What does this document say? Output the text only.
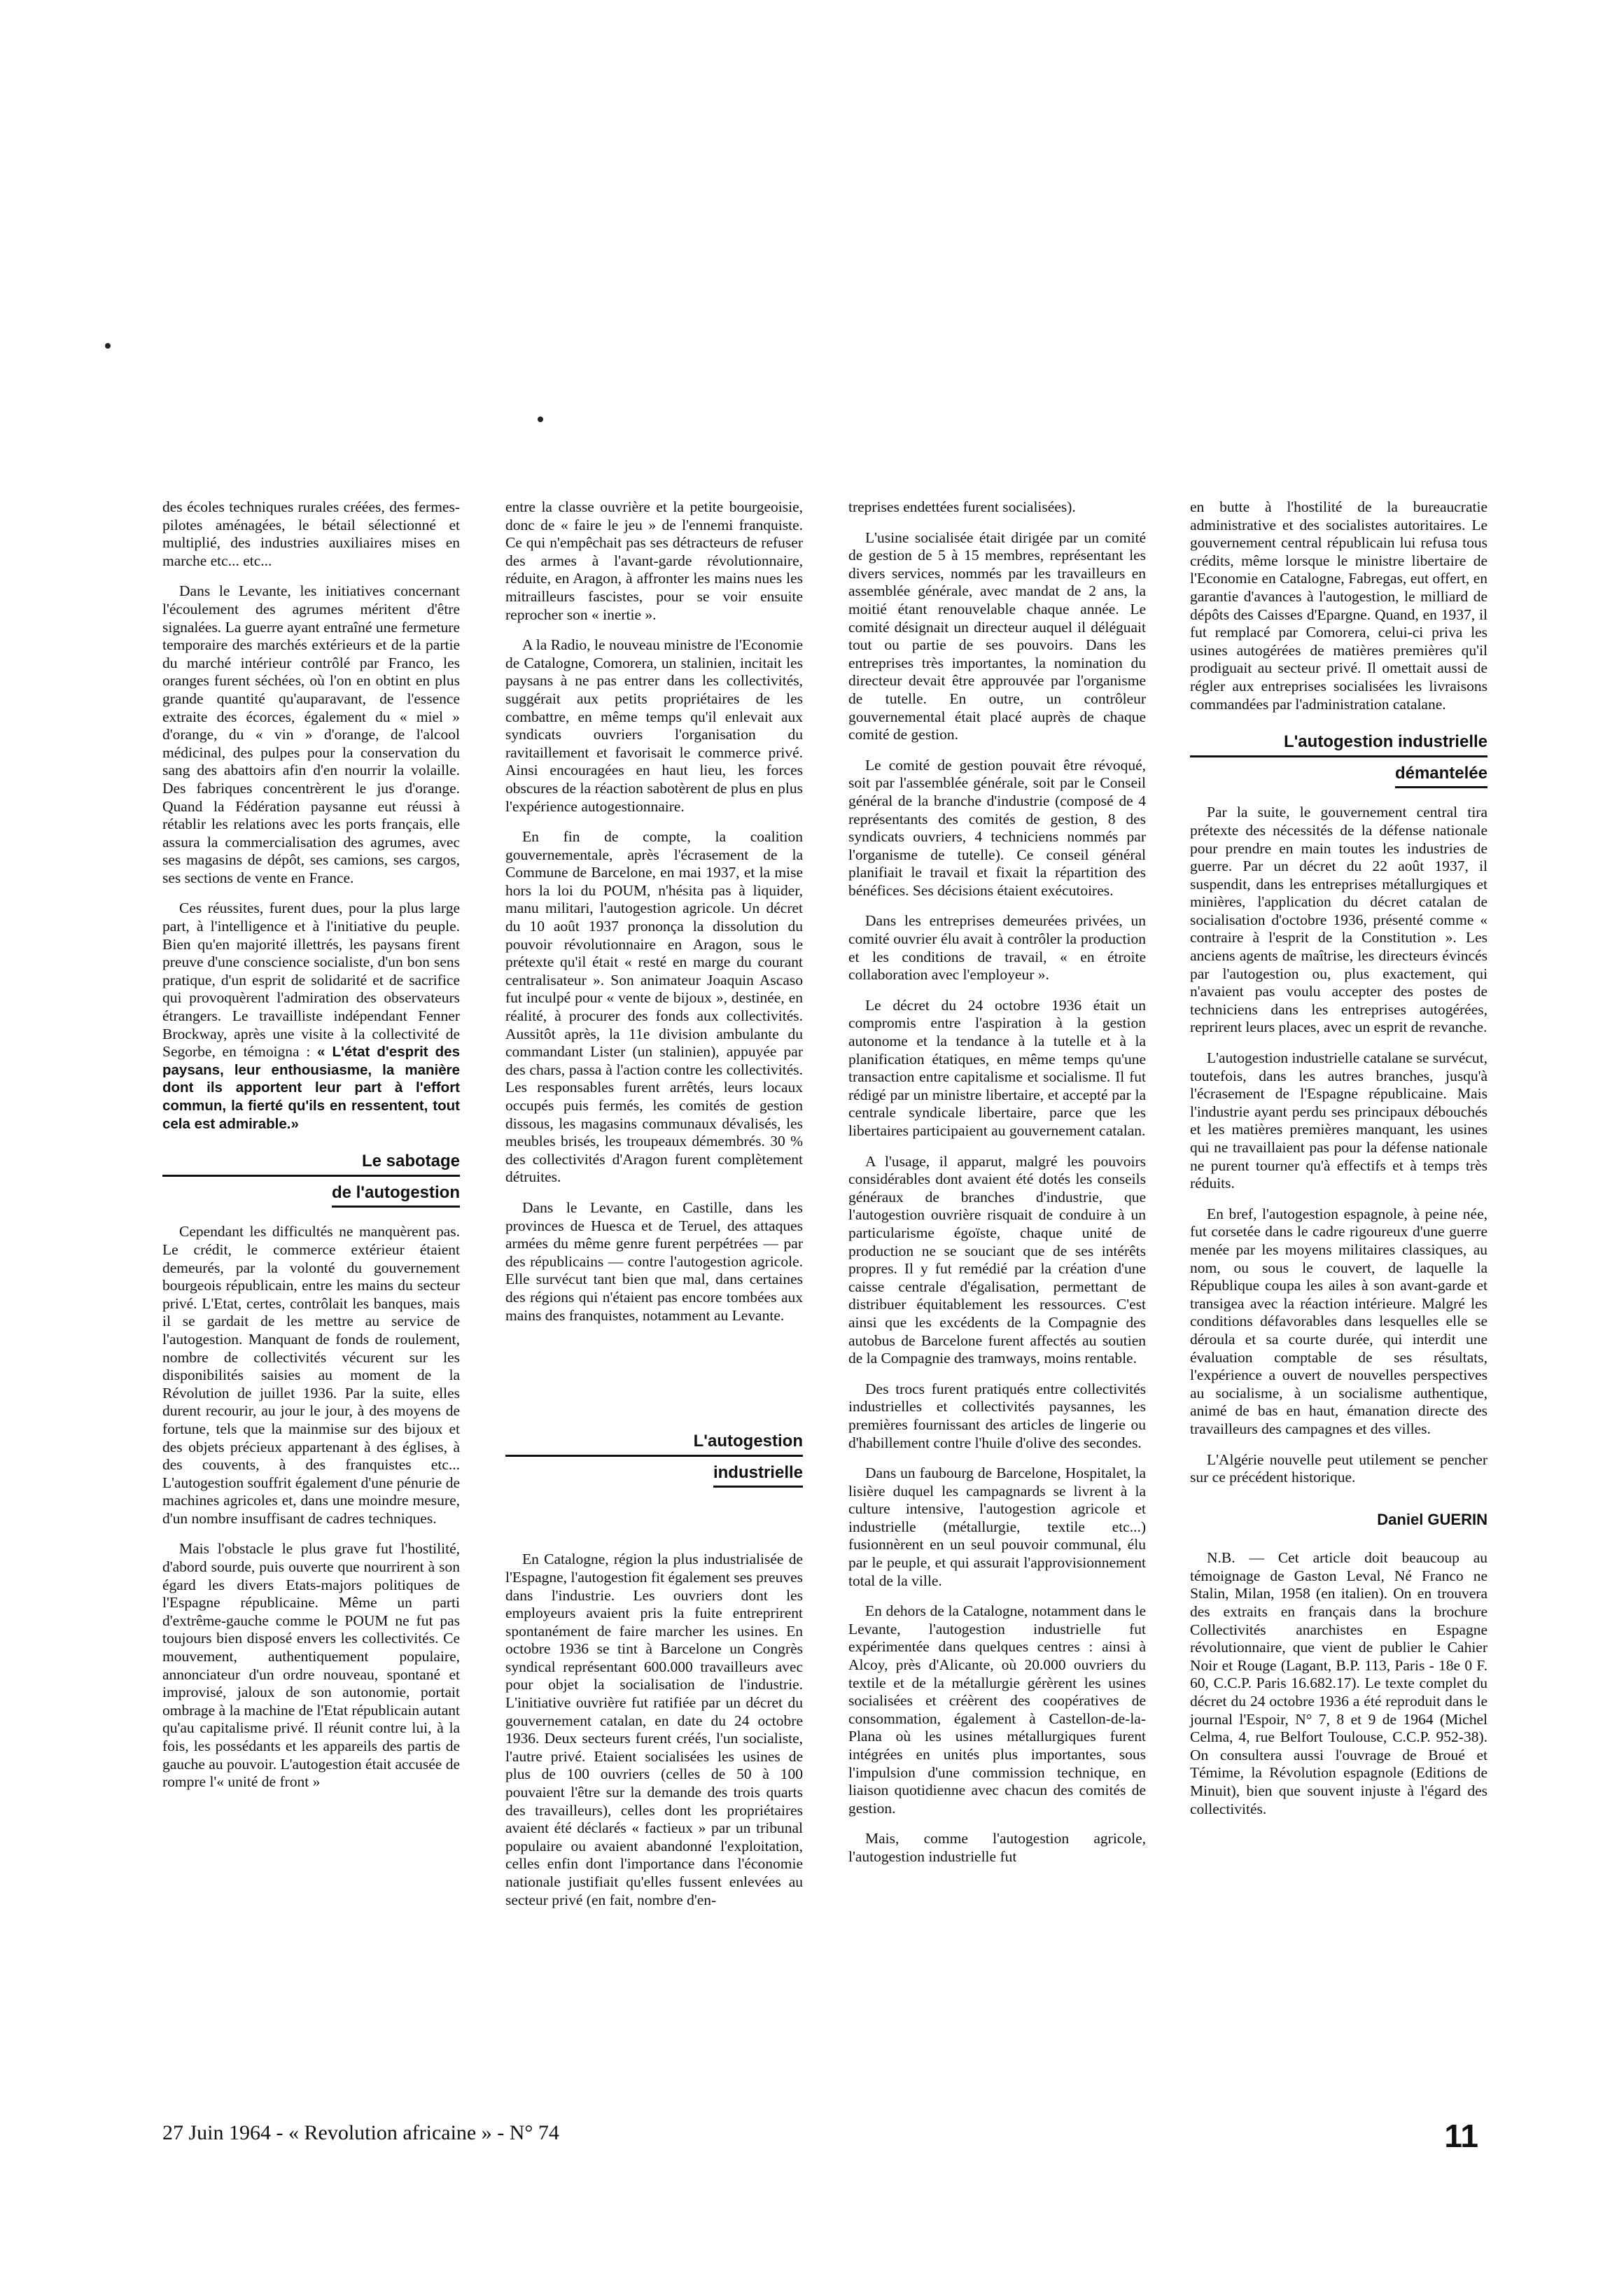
des écoles techniques rurales créées, des fermes-pilotes aménagées, le bétail sélectionné et multiplié, des industries auxiliaires mises en marche etc... etc...

Dans le Levante, les initiatives concernant l'écoulement des agrumes méritent d'être signalées. La guerre ayant entraîné une fermeture temporaire des marchés extérieurs et de la partie du marché intérieur contrôlé par Franco, les oranges furent séchées, où l'on en obtint en plus grande quantité qu'auparavant, de l'essence extraite des écorces, également du « miel » d'orange, du « vin » d'orange, de l'alcool médicinal, des pulpes pour la conservation du sang des abattoirs afin d'en nourrir la volaille. Des fabriques concentrèrent le jus d'orange. Quand la Fédération paysanne eut réussi à rétablir les relations avec les ports français, elle assura la commercialisation des agrumes, avec ses magasins de dépôt, ses camions, ses cargos, ses sections de vente en France.

Ces réussites, furent dues, pour la plus large part, à l'intelligence et à l'initiative du peuple. Bien qu'en majorité illettrés, les paysans firent preuve d'une conscience socialiste, d'un bon sens pratique, d'un esprit de solidarité et de sacrifice qui provoquèrent l'admiration des observateurs étrangers. Le travailliste indépendant Fenner Brockway, après une visite à la collectivité de Segorbe, en témoigna : « L'état d'esprit des paysans, leur enthousiasme, la manière dont ils apportent leur part à l'effort commun, la fierté qu'ils en ressentent, tout cela est admirable.»

Le sabotage
de l'autogestion

Cependant les difficultés ne manquèrent pas. Le crédit, le commerce extérieur étaient demeurés, par la volonté du gouvernement bourgeois républicain, entre les mains du secteur privé. L'Etat, certes, contrôlait les banques, mais il se gardait de les mettre au service de l'autogestion. Manquant de fonds de roulement, nombre de collectivités vécurent sur les disponibilités saisies au moment de la Révolution de juillet 1936. Par la suite, elles durent recourir, au jour le jour, à des moyens de fortune, tels que la mainmise sur des bijoux et des objets précieux appartenant à des églises, à des couvents, à des franquistes etc... L'autogestion souffrit également d'une pénurie de machines agricoles et, dans une moindre mesure, d'un nombre insuffisant de cadres techniques.

Mais l'obstacle le plus grave fut l'hostilité, d'abord sourde, puis ouverte que nourrirent à son égard les divers Etats-majors politiques de l'Espagne républicaine. Même un parti d'extrême-gauche comme le POUM ne fut pas toujours bien disposé envers les collectivités. Ce mouvement, authentiquement populaire, annonciateur d'un ordre nouveau, spontané et improvisé, jaloux de son autonomie, portait ombrage à la machine de l'Etat républicain autant qu'au capitalisme privé. Il réunit contre lui, à la fois, les possédants et les appareils des partis de gauche au pouvoir. L'autogestion était accusée de rompre l'« unité de front »

entre la classe ouvrière et la petite bourgeoisie, donc de « faire le jeu » de l'ennemi franquiste. Ce qui n'empêchait pas ses détracteurs de refuser des armes à l'avant-garde révolutionnaire, réduite, en Aragon, à affronter les mains nues les mitrailleurs fascistes, pour se voir ensuite reprocher son « inertie ».

A la Radio, le nouveau ministre de l'Economie de Catalogne, Comorera, un stalinien, incitait les paysans à ne pas entrer dans les collectivités, suggérait aux petits propriétaires de les combattre, en même temps qu'il enlevait aux syndicats ouvriers l'organisation du ravitaillement et favorisait le commerce privé. Ainsi encouragées en haut lieu, les forces obscures de la réaction sabotèrent de plus en plus l'expérience autogestionnaire.

En fin de compte, la coalition gouvernementale, après l'écrasement de la Commune de Barcelone, en mai 1937, et la mise hors la loi du POUM, n'hésita pas à liquider, manu militari, l'autogestion agricole. Un décret du 10 août 1937 prononça la dissolution du pouvoir révolutionnaire en Aragon, sous le prétexte qu'il était « resté en marge du courant centralisateur ». Son animateur Joaquin Ascaso fut inculpé pour « vente de bijoux », destinée, en réalité, à procurer des fonds aux collectivités. Aussitôt après, la 11e division ambulante du commandant Lister (un stalinien), appuyée par des chars, passa à l'action contre les collectivités. Les responsables furent arrêtés, leurs locaux occupés puis fermés, les comités de gestion dissous, les magasins communaux dévalisés, les meubles brisés, les troupeaux démembrés. 30 % des collectivités d'Aragon furent complètement détruites.

Dans le Levante, en Castille, dans les provinces de Huesca et de Teruel, des attaques armées du même genre furent perpétrées — par des républicains — contre l'autogestion agricole. Elle survécut tant bien que mal, dans certaines des régions qui n'étaient pas encore tombées aux mains des franquistes, notamment au Levante.

L'autogestion
industrielle

En Catalogne, région la plus industrialisée de l'Espagne, l'autogestion fit également ses preuves dans l'industrie. Les ouvriers dont les employeurs avaient pris la fuite entreprirent spontanément de faire marcher les usines. En octobre 1936 se tint à Barcelone un Congrès syndical représentant 600.000 travailleurs avec pour objet la socialisation de l'industrie. L'initiative ouvrière fut ratifiée par un décret du gouvernement catalan, en date du 24 octobre 1936. Deux secteurs furent créés, l'un socialiste, l'autre privé. Etaient socialisées les usines de plus de 100 ouvriers (celles de 50 à 100 pouvaient l'être sur la demande des trois quarts des travailleurs), celles dont les propriétaires avaient été déclarés « factieux » par un tribunal populaire ou avaient abandonné l'exploitation, celles enfin dont l'importance dans l'économie nationale justifiait qu'elles fussent enlevées au secteur privé (en fait, nombre d'en-

treprises endettées furent socialisées).

L'usine socialisée était dirigée par un comité de gestion de 5 à 15 membres, représentant les divers services, nommés par les travailleurs en assemblée générale, avec mandat de 2 ans, la moitié étant renouvelable chaque année. Le comité désignait un directeur auquel il déléguait tout ou partie de ses pouvoirs. Dans les entreprises très importantes, la nomination du directeur devait être approuvée par l'organisme de tutelle. En outre, un contrôleur gouvernemental était placé auprès de chaque comité de gestion.

Le comité de gestion pouvait être révoqué, soit par l'assemblée générale, soit par le Conseil général de la branche d'industrie (composé de 4 représentants des comités de gestion, 8 des syndicats ouvriers, 4 techniciens nommés par l'organisme de tutelle). Ce conseil général planifiait le travail et fixait la répartition des bénéfices. Ses décisions étaient exécutoires.

Dans les entreprises demeurées privées, un comité ouvrier élu avait à contrôler la production et les conditions de travail, « en étroite collaboration avec l'employeur ».

Le décret du 24 octobre 1936 était un compromis entre l'aspiration à la gestion autonome et la tendance à la tutelle et à la planification étatiques, en même temps qu'une transaction entre capitalisme et socialisme. Il fut rédigé par un ministre libertaire, et accepté par la centrale syndicale libertaire, parce que les libertaires participaient au gouvernement catalan.

A l'usage, il apparut, malgré les pouvoirs considérables dont avaient été dotés les conseils généraux de branches d'industrie, que l'autogestion ouvrière risquait de conduire à un particularisme égoïste, chaque unité de production ne se souciant que de ses intérêts propres. Il y fut remédié par la création d'une caisse centrale d'égalisation, permettant de distribuer équitablement les ressources. C'est ainsi que les excédents de la Compagnie des autobus de Barcelone furent affectés au soutien de la Compagnie des tramways, moins rentable.

Des trocs furent pratiqués entre collectivités industrielles et collectivités paysannes, les premières fournissant des articles de lingerie ou d'habillement contre l'huile d'olive des secondes.

Dans un faubourg de Barcelone, Hospitalet, la lisière duquel les campagnards se livrent à la culture intensive, l'autogestion agricole et industrielle (métallurgie, textile etc...) fusionnèrent en un seul pouvoir communal, élu par le peuple, et qui assurait l'approvisionnement total de la ville.

En dehors de la Catalogne, notamment dans le Levante, l'autogestion industrielle fut expérimentée dans quelques centres : ainsi à Alcoy, près d'Alicante, où 20.000 ouvriers du textile et de la métallurgie gérèrent les usines socialisées et créèrent des coopératives de consommation, également à Castellon-de-la-Plana où les usines métallurgiques furent intégrées en unités plus importantes, sous l'impulsion d'une commission technique, en liaison quotidienne avec chacun des comités de gestion.

Mais, comme l'autogestion agricole, l'autogestion industrielle fut

en butte à l'hostilité de la bureaucratie administrative et des socialistes autoritaires. Le gouvernement central républicain lui refusa tous crédits, même lorsque le ministre libertaire de l'Economie en Catalogne, Fabregas, eut offert, en garantie d'avances à l'autogestion, le milliard de dépôts des Caisses d'Epargne. Quand, en 1937, il fut remplacé par Comorera, celui-ci priva les usines autogérées de matières premières qu'il prodiguait au secteur privé. Il omettait aussi de régler aux entreprises socialisées les livraisons commandées par l'administration catalane.

L'autogestion industrielle
démantelée

Par la suite, le gouvernement central tira prétexte des nécessités de la défense nationale pour prendre en main toutes les industries de guerre. Par un décret du 22 août 1937, il suspendit, dans les entreprises métallurgiques et minières, l'application du décret catalan de socialisation d'octobre 1936, présenté comme « contraire à l'esprit de la Constitution ». Les anciens agents de maîtrise, les directeurs évincés par l'autogestion ou, plus exactement, qui n'avaient pas voulu accepter des postes de techniciens dans les entreprises autogérées, reprirent leurs places, avec un esprit de revanche.

L'autogestion industrielle catalane se survécut, toutefois, dans les autres branches, jusqu'à l'écrasement de l'Espagne républicaine. Mais l'industrie ayant perdu ses principaux débouchés et les matières premières manquant, les usines qui ne travaillaient pas pour la défense nationale ne purent tourner qu'à effectifs et à temps très réduits.

En bref, l'autogestion espagnole, à peine née, fut corsetée dans le cadre rigoureux d'une guerre menée par les moyens militaires classiques, au nom, ou sous le couvert, de laquelle la République coupa les ailes à son avant-garde et transigea avec la réaction intérieure. Malgré les conditions défavorables dans lesquelles elle se déroula et sa courte durée, qui interdit une évaluation comptable de ses résultats, l'expérience a ouvert de nouvelles perspectives au socialisme, à un socialisme authentique, animé de bas en haut, émanation directe des travailleurs des campagnes et des villes.

L'Algérie nouvelle peut utilement se pencher sur ce précédent historique.

Daniel GUERIN

N.B. — Cet article doit beaucoup au témoignage de Gaston Leval, Né Franco ne Stalin, Milan, 1958 (en italien). On en trouvera des extraits en français dans la brochure Collectivités anarchistes en Espagne révolutionnaire, que vient de publier le Cahier Noir et Rouge (Lagant, B.P. 113, Paris - 18e 0 F. 60, C.C.P. Paris 16.682.17). Le texte complet du décret du 24 octobre 1936 a été reproduit dans le journal l'Espoir, N° 7, 8 et 9 de 1964 (Michel Celma, 4, rue Belfort Toulouse, C.C.P. 952-38). On consultera aussi l'ouvrage de Broué et Témime, la Révolution espagnole (Editions de Minuit), bien que souvent injuste à l'égard des collectivités.

27 Juin 1964 - « Revolution africaine » - N° 74	11
